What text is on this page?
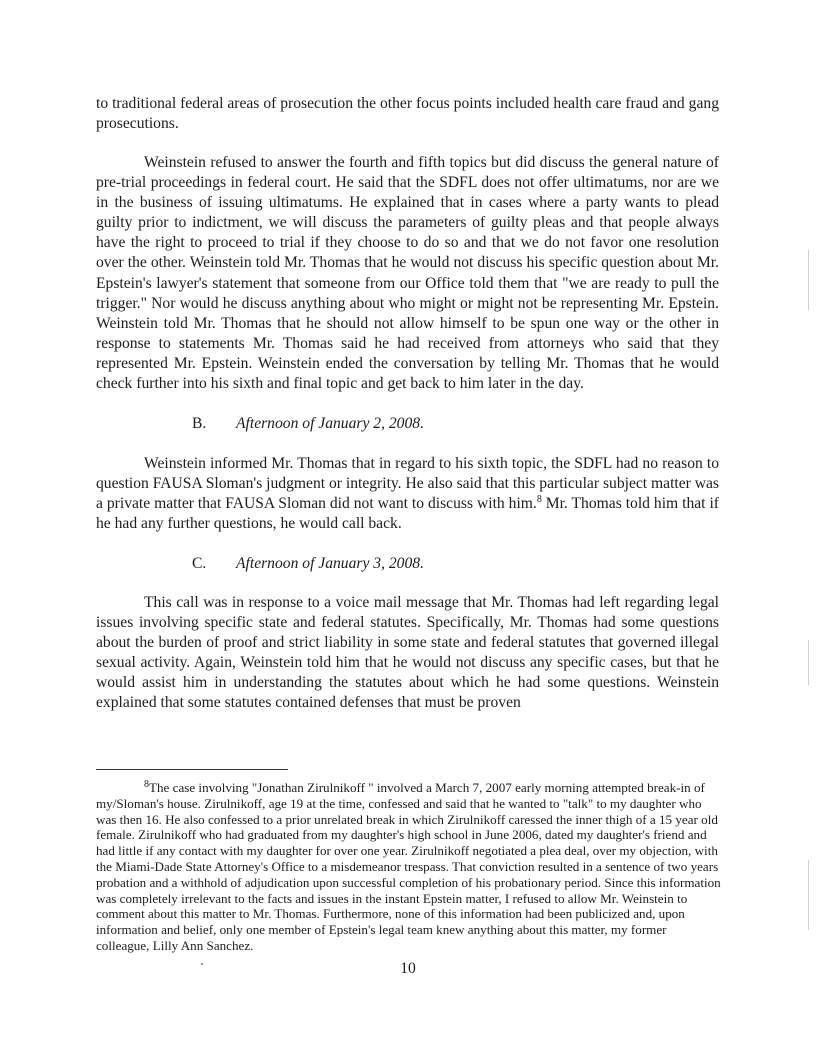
to traditional federal areas of prosecution the other focus points included health care fraud and gang prosecutions.

Weinstein refused to answer the fourth and fifth topics but did discuss the general nature of pre-trial proceedings in federal court. He said that the SDFL does not offer ultimatums, nor are we in the business of issuing ultimatums. He explained that in cases where a party wants to plead guilty prior to indictment, we will discuss the parameters of guilty pleas and that people always have the right to proceed to trial if they choose to do so and that we do not favor one resolution over the other. Weinstein told Mr. Thomas that he would not discuss his specific question about Mr. Epstein's lawyer's statement that someone from our Office told them that "we are ready to pull the trigger." Nor would he discuss anything about who might or might not be representing Mr. Epstein. Weinstein told Mr. Thomas that he should not allow himself to be spun one way or the other in response to statements Mr. Thomas said he had received from attorneys who said that they represented Mr. Epstein. Weinstein ended the conversation by telling Mr. Thomas that he would check further into his sixth and final topic and get back to him later in the day.

B. Afternoon of January 2, 2008.

Weinstein informed Mr. Thomas that in regard to his sixth topic, the SDFL had no reason to question FAUSA Sloman's judgment or integrity. He also said that this particular subject matter was a private matter that FAUSA Sloman did not want to discuss with him.$^8$ Mr. Thomas told him that if he had any further questions, he would call back.

C. Afternoon of January 3, 2008.

This call was in response to a voice mail message that Mr. Thomas had left regarding legal issues involving specific state and federal statutes. Specifically, Mr. Thomas had some questions about the burden of proof and strict liability in some state and federal statutes that governed illegal sexual activity. Again, Weinstein told him that he would not discuss any specific cases, but that he would assist him in understanding the statutes about which he had some questions. Weinstein explained that some statutes contained defenses that must be proven

$^8$The case involving "Jonathan Zirulnikoff " involved a March 7, 2007 early morning attempted break-in of my/Sloman's house. Zirulnikoff, age 19 at the time, confessed and said that he wanted to "talk" to my daughter who was then 16. He also confessed to a prior unrelated break in which Zirulnikoff caressed the inner thigh of a 15 year old female. Zirulnikoff who had graduated from my daughter's high school in June 2006, dated my daughter's friend and had little if any contact with my daughter for over one year. Zirulnikoff negotiated a plea deal, over my objection, with the Miami-Dade State Attorney's Office to a misdemeanor trespass. That conviction resulted in a sentence of two years probation and a withhold of adjudication upon successful completion of his probationary period. Since this information was completely irrelevant to the facts and issues in the instant Epstein matter, I refused to allow Mr. Weinstein to comment about this matter to Mr. Thomas. Furthermore, none of this information had been publicized and, upon information and belief, only one member of Epstein's legal team knew anything about this matter, my former colleague, Lilly Ann Sanchez.

10
